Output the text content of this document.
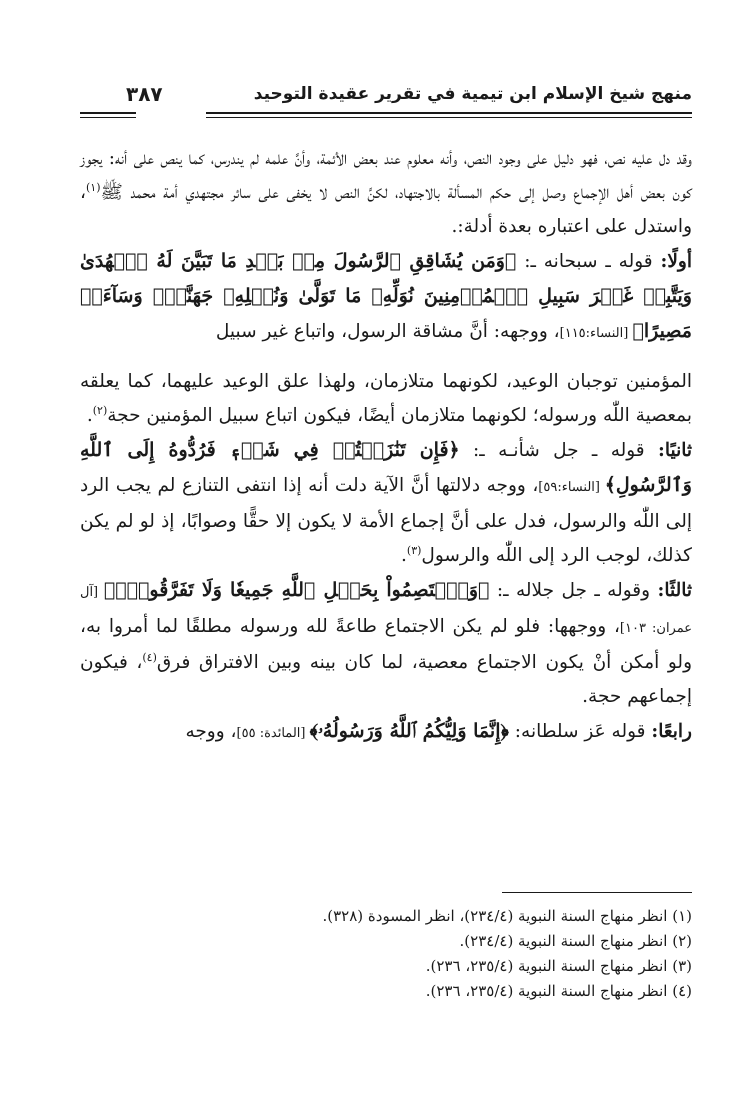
منهج شيخ الإسلام ابن تيمية في تقرير عقيدة التوحيد
٣٨٧

وقد دل عليه نص، فهو دليل على وجود النص، وأنه معلوم عند بعض الأئمة، وأنَّ علمه لم يندرس، كما ينص على أنه: يجوز كون بعض أهل الإجماع وصل إلى حكم المسألة بالاجتهاد، لكنَّ النص لا يخفى على سائر مجتهدي أمة محمد ﷺ$^{(١)}$، واستدل على اعتباره بعدة أدلة:.

أولًا: قوله ـ سبحانه ـ: ﴿وَمَن يُشَاقِقِ ٱلرَّسُولَ مِنۢ بَعۡدِ مَا تَبَيَّنَ لَهُ ٱلۡهُدَىٰ وَيَتَّبِعۡ غَيۡرَ سَبِيلِ ٱلۡمُؤۡمِنِينَ نُوَلِّهِۦ مَا تَوَلَّىٰ وَنُصۡلِهِۦ جَهَنَّمَۖ وَسَآءَتۡ مَصِيرًا﴾ [النساء:١١٥]، ووجهه: أنَّ مشاقة الرسول، واتباع غير سبيل

المؤمنين توجبان الوعيد، لكونهما متلازمان، ولهذا علق الوعيد عليهما، كما يعلقه بمعصية اللّٰه ورسوله؛ لكونهما متلازمان أيضًا، فيكون اتباع سبيل المؤمنين حجة$^{(٢)}$.

ثانيًا: قوله ـ جل شأنـه ـ: ﴿فَإِن تَنَٰزَعۡتُمۡ فِي شَيۡءٖ فَرُدُّوهُ إِلَى ٱللَّهِ وَٱلرَّسُولِ﴾ [النساء:٥٩]، ووجه دلالتها أنَّ الآية دلت أنه إذا انتفى التنازع لم يجب الرد إلى اللّٰه والرسول، فدل على أنَّ إجماع الأمة لا يكون إلا حقًّا وصوابًا، إذ لو لم يكن كذلك، لوجب الرد إلى اللّٰه والرسول$^{(٣)}$.

ثالثًا: وقوله ـ جل جلاله ـ: ﴿وَٱعۡتَصِمُواْ بِحَبۡلِ ٱللَّهِ جَمِيعٗا وَلَا تَفَرَّقُواْۚ﴾ [آل عمران: ١٠٣]، ووجهها: فلو لم يكن الاجتماع طاعةً لله ورسوله مطلقًا لما أمروا به، ولو أمكن أنْ يكون الاجتماع معصية، لما كان بينه وبين الافتراق فرق$^{(٤)}$، فيكون إجماعهم حجة.

رابعًا: قوله عَز سلطانه: ﴿إِنَّمَا وَلِيُّكُمُ ٱللَّهُ وَرَسُولُهُۥ﴾ [المائدة: ٥٥]، ووجه

(١) انظر منهاج السنة النبوية (٢٣٤/٤)، انظر المسودة (٣٢٨).
(٢) انظر منهاج السنة النبوية (٢٣٤/٤).
(٣) انظر منهاج السنة النبوية (٢٣٥/٤، ٢٣٦).
(٤) انظر منهاج السنة النبوية (٢٣٥/٤، ٢٣٦).
